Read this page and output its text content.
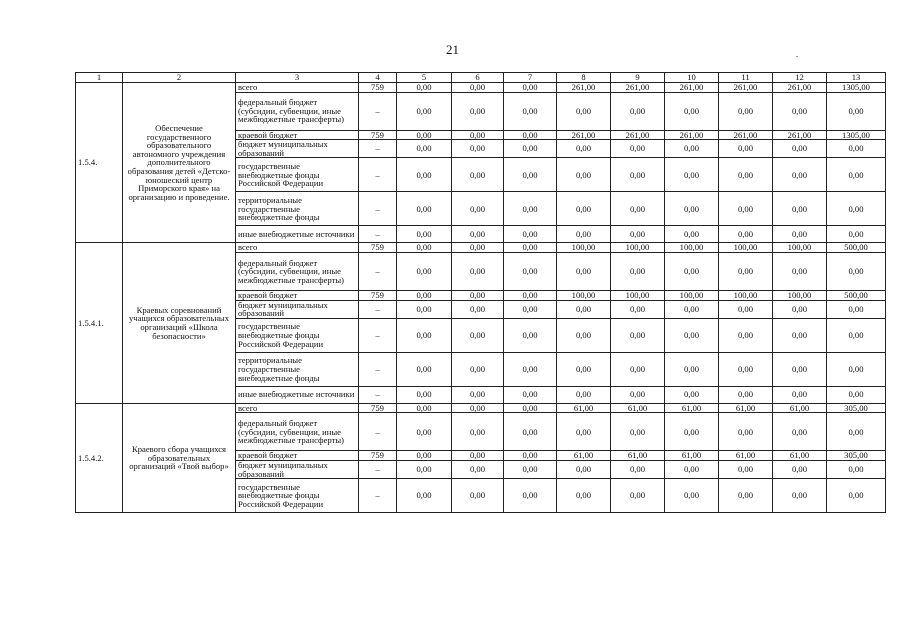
21
1	2	3	4	5	6	7	8	9	10	11	12	13
1.5.4.	Обеспечение государственного образовательного автономного учреждения дополнительного образования детей «Детско-юношеский центр Приморского края» на организацию и проведение.	всего	759	0,00	0,00	0,00	261,00	261,00	261,00	261,00	261,00	1305,00
		федеральный бюджет (субсидии, субвенции, иные межбюджетные трансферты)	–	0,00	0,00	0,00	0,00	0,00	0,00	0,00	0,00	0,00
		краевой бюджет	759	0,00	0,00	0,00	261,00	261,00	261,00	261,00	261,00	1305,00
		бюджет муниципальных образований	–	0,00	0,00	0,00	0,00	0,00	0,00	0,00	0,00	0,00
		государственные внебюджетные фонды Российской Федерации	–	0,00	0,00	0,00	0,00	0,00	0,00	0,00	0,00	0,00
		территориальные государственные внебюджетные фонды	–	0,00	0,00	0,00	0,00	0,00	0,00	0,00	0,00	0,00
		иные внебюджетные источники	–	0,00	0,00	0,00	0,00	0,00	0,00	0,00	0,00	0,00
1.5.4.1.	Краевых соревнований учащихся образовательных организаций «Школа безопасности»	всего	759	0,00	0,00	0,00	100,00	100,00	100,00	100,00	100,00	500,00
		федеральный бюджет (субсидии, субвенции, иные межбюджетные трансферты)	–	0,00	0,00	0,00	0,00	0,00	0,00	0,00	0,00	0,00
		краевой бюджет	759	0,00	0,00	0,00	100,00	100,00	100,00	100,00	100,00	500,00
		бюджет муниципальных образований	–	0,00	0,00	0,00	0,00	0,00	0,00	0,00	0,00	0,00
		государственные внебюджетные фонды Российской Федерации	–	0,00	0,00	0,00	0,00	0,00	0,00	0,00	0,00	0,00
		территориальные государственные внебюджетные фонды	–	0,00	0,00	0,00	0,00	0,00	0,00	0,00	0,00	0,00
		иные внебюджетные источники	–	0,00	0,00	0,00	0,00	0,00	0,00	0,00	0,00	0,00
1.5.4.2.	Краевого сбора учащихся образовательных организаций «Твой выбор»	всего	759	0,00	0,00	0,00	61,00	61,00	61,00	61,00	61,00	305,00
		федеральный бюджет (субсидии, субвенции, иные межбюджетные трансферты)	–	0,00	0,00	0,00	0,00	0,00	0,00	0,00	0,00	0,00
		краевой бюджет	759	0,00	0,00	0,00	61,00	61,00	61,00	61,00	61,00	305,00
		бюджет муниципальных образований	–	0,00	0,00	0,00	0,00	0,00	0,00	0,00	0,00	0,00
		государственные внебюджетные фонды Российской Федерации	–	0,00	0,00	0,00	0,00	0,00	0,00	0,00	0,00	0,00
